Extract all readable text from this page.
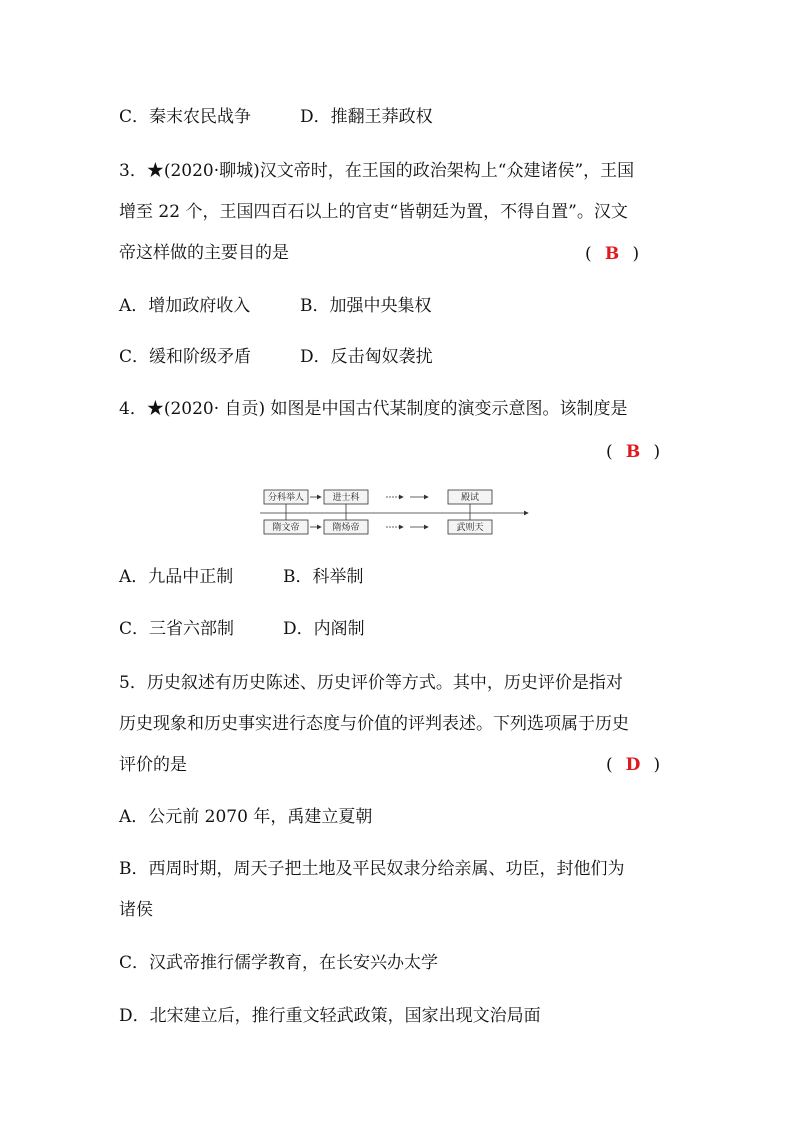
C．秦末农民战争	D．推翻王莽政权
3．★(2020·聊城)汉文帝时，在王国的政治架构上“众建诸侯”，王国
增至 22 个，王国四百石以上的官吏“皆朝廷为置，不得自置”。汉文
帝这样做的主要目的是	( B )
A．增加政府收入	B．加强中央集权
C．缓和阶级矛盾	D．反击匈奴袭扰
4．★(2020· 自贡) 如图是中国古代某制度的演变示意图。该制度是
( B )
分科举人	进士科	殿试
隋文帝	隋炀帝	武则天
A．九品中正制	B．科举制
C．三省六部制	D．内阁制
5．历史叙述有历史陈述、历史评价等方式。其中，历史评价是指对
历史现象和历史事实进行态度与价值的评判表述。下列选项属于历史
评价的是	( D )
A．公元前 2070 年，禹建立夏朝
B．西周时期，周天子把土地及平民奴隶分给亲属、功臣，封他们为
诸侯
C．汉武帝推行儒学教育，在长安兴办太学
D．北宋建立后，推行重文轻武政策，国家出现文治局面
